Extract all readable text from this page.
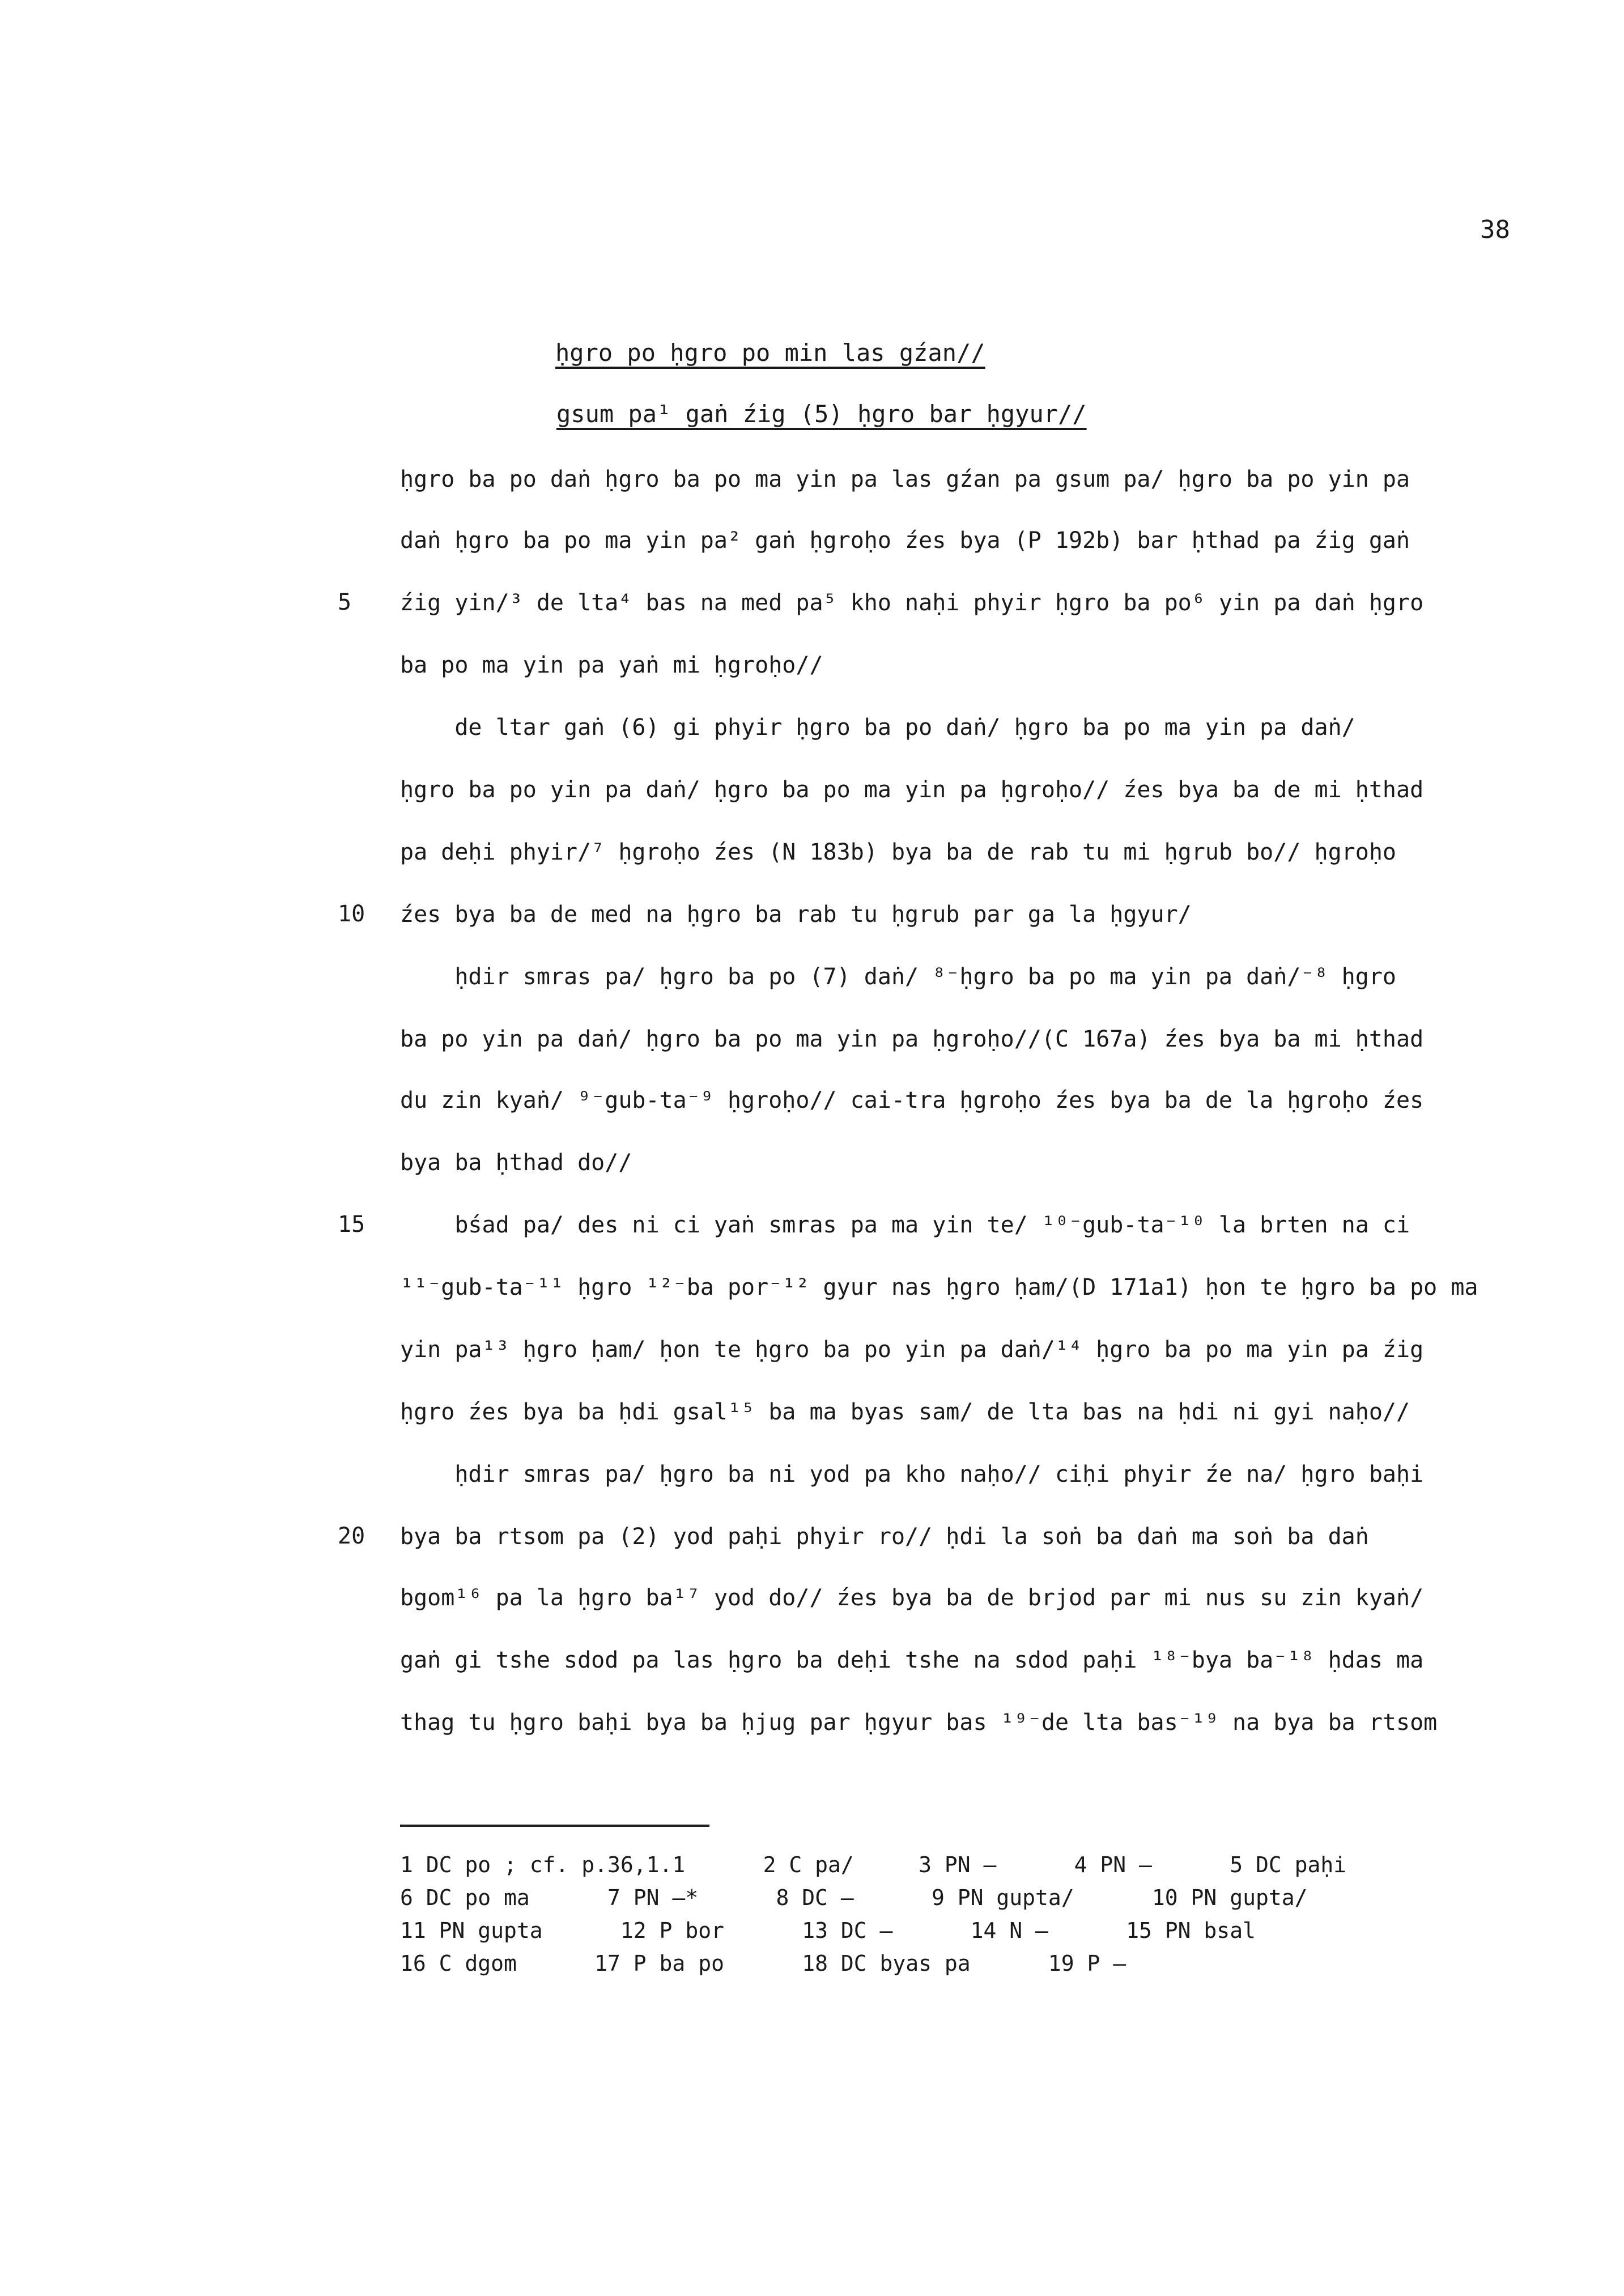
38
ḥgro po ḥgro po min las gźan//
gsum pa¹ gaṅ źig (5) ḥgro bar ḥgyur//
ḥgro ba po daṅ ḥgro ba po ma yin pa las gźan pa gsum pa/ ḥgro ba po yin pa
daṅ ḥgro ba po ma yin pa² gaṅ ḥgroḥo źes bya (P 192b) bar ḥthad pa źig gaṅ
źig yin/³ de lta⁴ bas na med pa⁵ kho naḥi phyir ḥgro ba po⁶ yin pa daṅ ḥgro
ba po ma yin pa yaṅ mi ḥgroḥo//
de ltar gaṅ (6) gi phyir ḥgro ba po daṅ/ ḥgro ba po ma yin pa daṅ/
ḥgro ba po yin pa daṅ/ ḥgro ba po ma yin pa ḥgroḥo// źes bya ba de mi ḥthad
pa deḥi phyir/⁷ ḥgroḥo źes (N 183b) bya ba de rab tu mi ḥgrub bo// ḥgroḥo
źes bya ba de med na ḥgro ba rab tu ḥgrub par ga la ḥgyur/
ḥdir smras pa/ ḥgro ba po (7) daṅ/ ⁸⁻ḥgro ba po ma yin pa daṅ/⁻⁸ ḥgro
ba po yin pa daṅ/ ḥgro ba po ma yin pa ḥgroḥo//(C 167a) źes bya ba mi ḥthad
du zin kyaṅ/ ⁹⁻gub-ta⁻⁹ ḥgroḥo// cai-tra ḥgroḥo źes bya ba de la ḥgroḥo źes
bya ba ḥthad do//
bśad pa/ des ni ci yaṅ smras pa ma yin te/ ¹⁰⁻gub-ta⁻¹⁰ la brten na ci
¹¹⁻gub-ta⁻¹¹ ḥgro ¹²⁻ba por⁻¹² gyur nas ḥgro ḥam/(D 171a1) ḥon te ḥgro ba po ma
yin pa¹³ ḥgro ḥam/ ḥon te ḥgro ba po yin pa daṅ/¹⁴ ḥgro ba po ma yin pa źig
ḥgro źes bya ba ḥdi gsal¹⁵ ba ma byas sam/ de lta bas na ḥdi ni gyi naḥo//
ḥdir smras pa/ ḥgro ba ni yod pa kho naḥo// ciḥi phyir źe na/ ḥgro baḥi
bya ba rtsom pa (2) yod paḥi phyir ro// ḥdi la soṅ ba daṅ ma soṅ ba daṅ
bgom¹⁶ pa la ḥgro ba¹⁷ yod do// źes bya ba de brjod par mi nus su zin kyaṅ/
gaṅ gi tshe sdod pa las ḥgro ba deḥi tshe na sdod paḥi ¹⁸⁻bya ba⁻¹⁸ ḥdas ma
thag tu ḥgro baḥi bya ba ḥjug par ḥgyur bas ¹⁹⁻de lta bas⁻¹⁹ na bya ba rtsom
5
10
15
20
1 DC po ; cf. p.36,1.1      2 C pa/     3 PN —      4 PN —      5 DC paḥi
6 DC po ma      7 PN —*      8 DC —      9 PN gupta/      10 PN gupta/
11 PN gupta      12 P bor      13 DC —      14 N —      15 PN bsal
16 C dgom      17 P ba po      18 DC byas pa      19 P —
